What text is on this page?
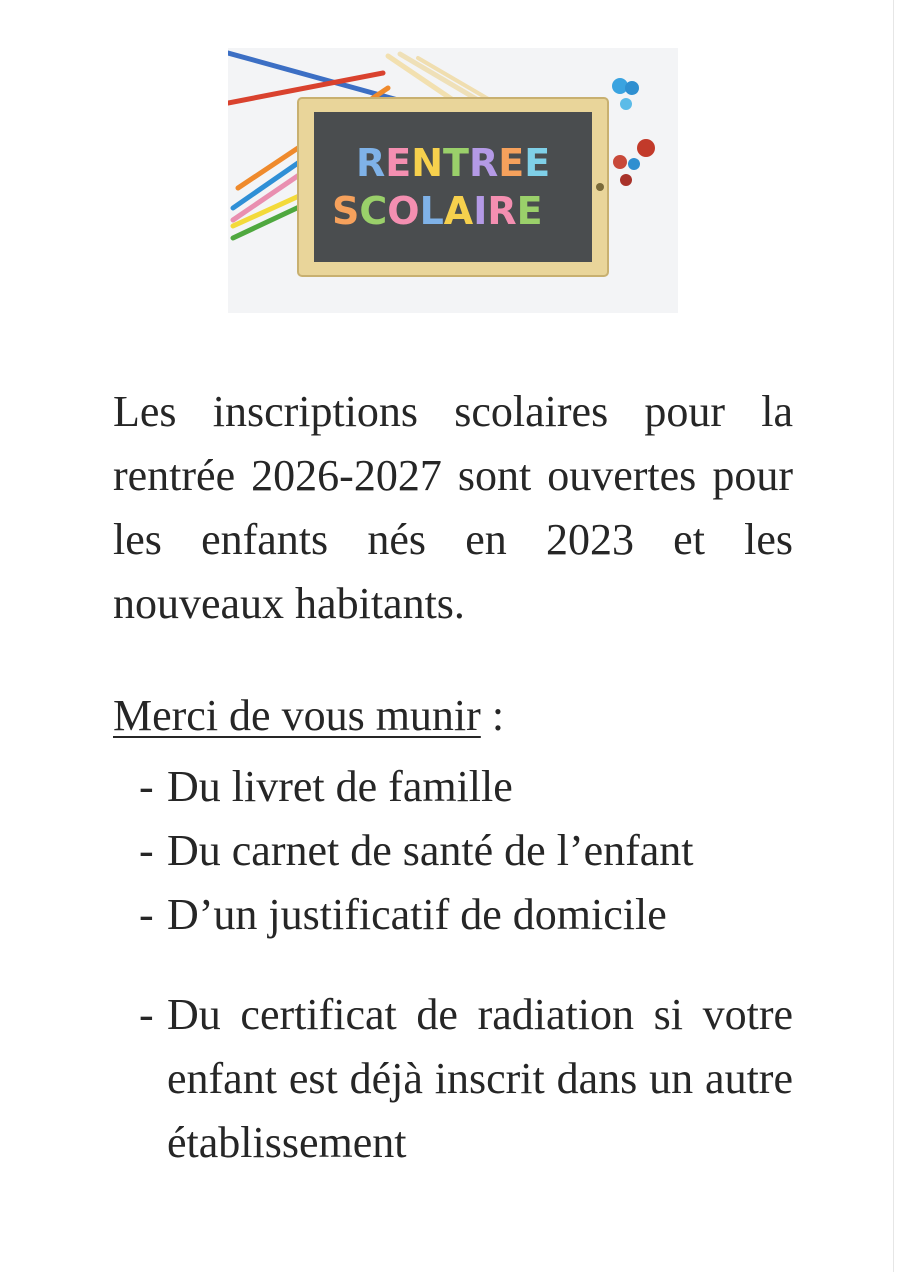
RENTREE
SCOLAIRE

Les inscriptions scolaires pour la rentrée 2026-2027 sont ouvertes pour les enfants nés en 2023 et les nouveaux habitants.

Merci de vous munir :

- Du livret de famille
- Du carnet de santé de l’enfant
- D’un justificatif de domicile
- Du certificat de radiation si votre enfant est déjà inscrit dans un autre établissement
